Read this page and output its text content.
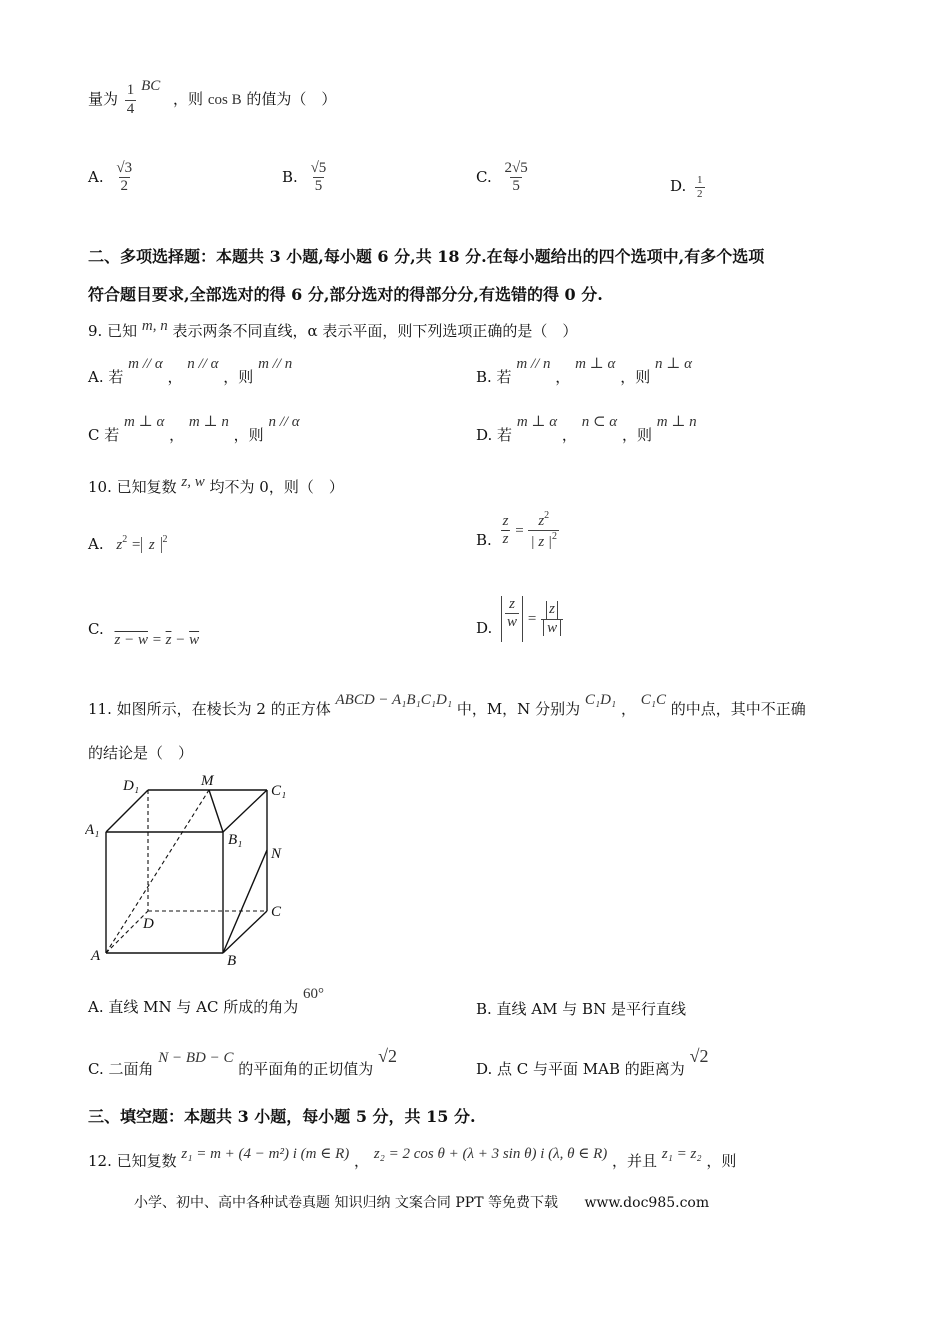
量为 $\frac{1}{4}$ BC ，则 cos B 的值为（　）
A. $\frac{√3}{2}$	B. $\frac{√5}{5}$	C. $\frac{2√5}{5}$	D. $\frac{1}{2}$
二、多项选择题：本题共 3 小题,每小题 6 分,共 18 分.在每小题给出的四个选项中,有多个选项
符合题目要求,全部选对的得 6 分,部分选对的得部分分,有选错的得 0 分.
9. 已知 m, n 表示两条不同直线，α 表示平面，则下列选项正确的是（　）
A. 若 m // α ， n // α ，则 m // n
B. 若 m // n ， m ⊥ α ，则 n ⊥ α
C 若 m ⊥ α ， m ⊥ n ，则 n // α
D. 若 m ⊥ α ， n ⊂ α ，则 m ⊥ n
10. 已知复数 z, w 均不为 0，则（　）
A. $z^2 = z$ $^2$	B. $\frac{z}{z} = \frac{z^2}{| z |^2}$
C. $z - w = \overline{z} - \overline{w}$
D. $\frac{z}{w} = \frac{z}{w}$
11. 如图所示，在棱长为 2 的正方体 ABCD − A₁B₁C₁D₁ 中，M，N 分别为 C₁D₁ ， C₁C 的中点，其中不正确
的结论是（　）
D₁	M
C₁
A₁
B₁
N
D
C
A	B
A. 直线 MN 与 AC 所成的角为 60°
B. 直线 AM 与 BN 是平行直线
C. 二面角 N − BD − C 的平面角的正切值为 √2
D. 点 C 与平面 MAB 的距离为 √2
三、填空题：本题共 3 小题，每小题 5 分，共 15 分.
12. 已知复数 z₁ = m + (4 − m²) i (m ∈ R) ， z₂ = 2 cos θ + (λ + 3 sin θ) i (λ, θ ∈ R) ，并且 z₁ = z₂ ，则
小学、初中、高中各种试卷真题 知识归纳 文案合同 PPT 等免费下载 www.doc985.com
